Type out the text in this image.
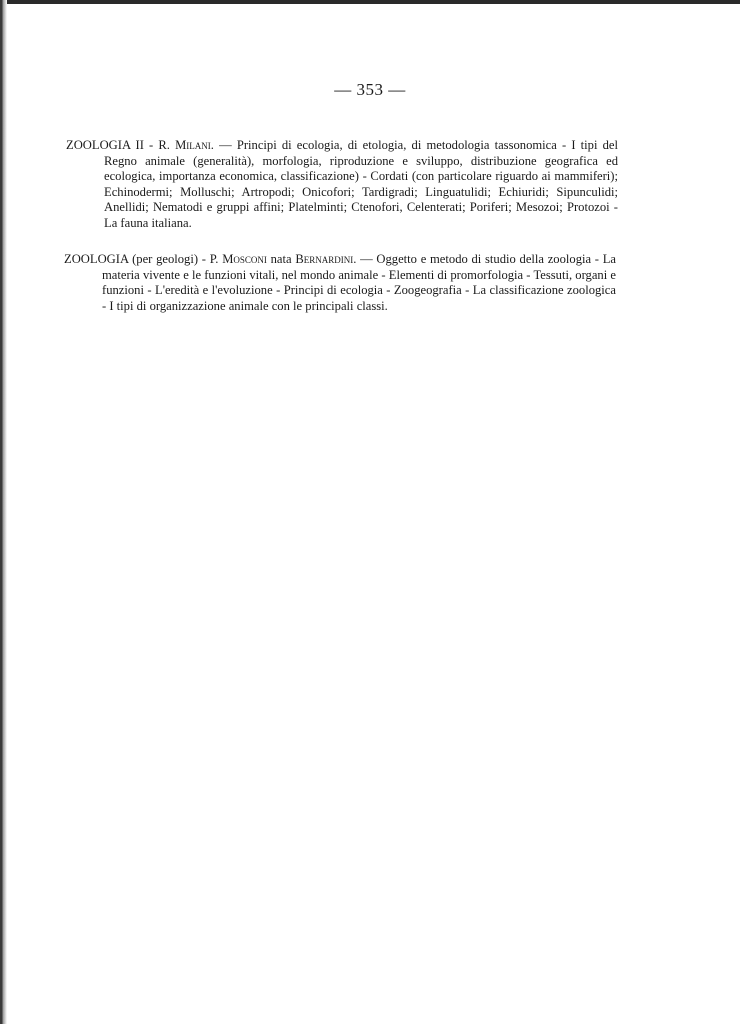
— 353 —

ZOOLOGIA II - R. Milani. — Principi di ecologia, di etologia, di metodologia tassonomica - I tipi del Regno animale (generalità), morfologia, riproduzione e sviluppo, distribuzione geografica ed ecologica, importanza economica, classificazione) - Cordati (con particolare riguardo ai mammiferi); Echinodermi; Molluschi; Artropodi; Onicofori; Tardigradi; Linguatulidi; Echiuridi; Sipunculidi; Anellidi; Nematodi e gruppi affini; Platelminti; Ctenofori, Celenterati; Poriferi; Mesozoi; Protozoi - La fauna italiana.

ZOOLOGIA (per geologi) - P. Mosconi nata Bernardini. — Oggetto e metodo di studio della zoologia - La materia vivente e le funzioni vitali, nel mondo animale - Elementi di promorfologia - Tessuti, organi e funzioni - L'eredità e l'evoluzione - Principi di ecologia - Zoogeografia - La classificazione zoologica - I tipi di organizzazione animale con le principali classi.
